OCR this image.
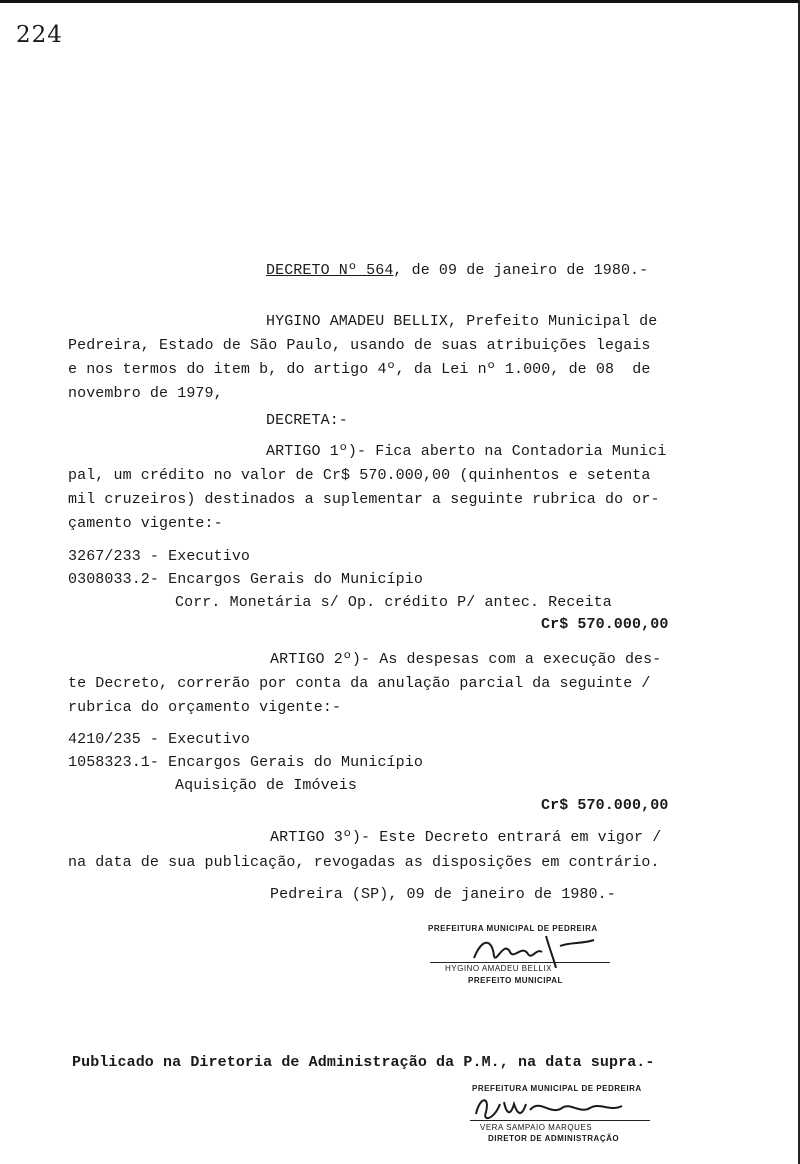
224
DECRETO Nº 564, de 09 de janeiro de 1980.-
HYGINO AMADEU BELLIX, Prefeito Municipal de
Pedreira, Estado de São Paulo, usando de suas atribuições legais
e nos termos do item b, do artigo 4º, da Lei nº 1.000, de 08  de
novembro de 1979,
DECRETA:-
ARTIGO 1º)- Fica aberto na Contadoria Munici
pal, um crédito no valor de Cr$ 570.000,00 (quinhentos e setenta
mil cruzeiros) destinados a suplementar a seguinte rubrica do or-
çamento vigente:-
3267/233 - Executivo
0308033.2- Encargos Gerais do Município
Corr. Monetária s/ Op. crédito P/ antec. Receita
Cr$ 570.000,00
ARTIGO 2º)- As despesas com a execução des-
te Decreto, correrão por conta da anulação parcial da seguinte /
rubrica do orçamento vigente:-
4210/235 - Executivo
1058323.1- Encargos Gerais do Município
Aquisição de Imóveis
Cr$ 570.000,00
ARTIGO 3º)- Este Decreto entrará em vigor /
na data de sua publicação, revogadas as disposições em contrário.
Pedreira (SP), 09 de janeiro de 1980.-
PREFEITURA MUNICIPAL DE PEDREIRA
HYGINO AMADEU BELLIX
PREFEITO MUNICIPAL
Publicado na Diretoria de Administração da P.M., na data supra.-
PREFEITURA MUNICIPAL DE PEDREIRA
VERA SAMPAIO MARQUES
DIRETOR DE ADMINISTRAÇÃO
